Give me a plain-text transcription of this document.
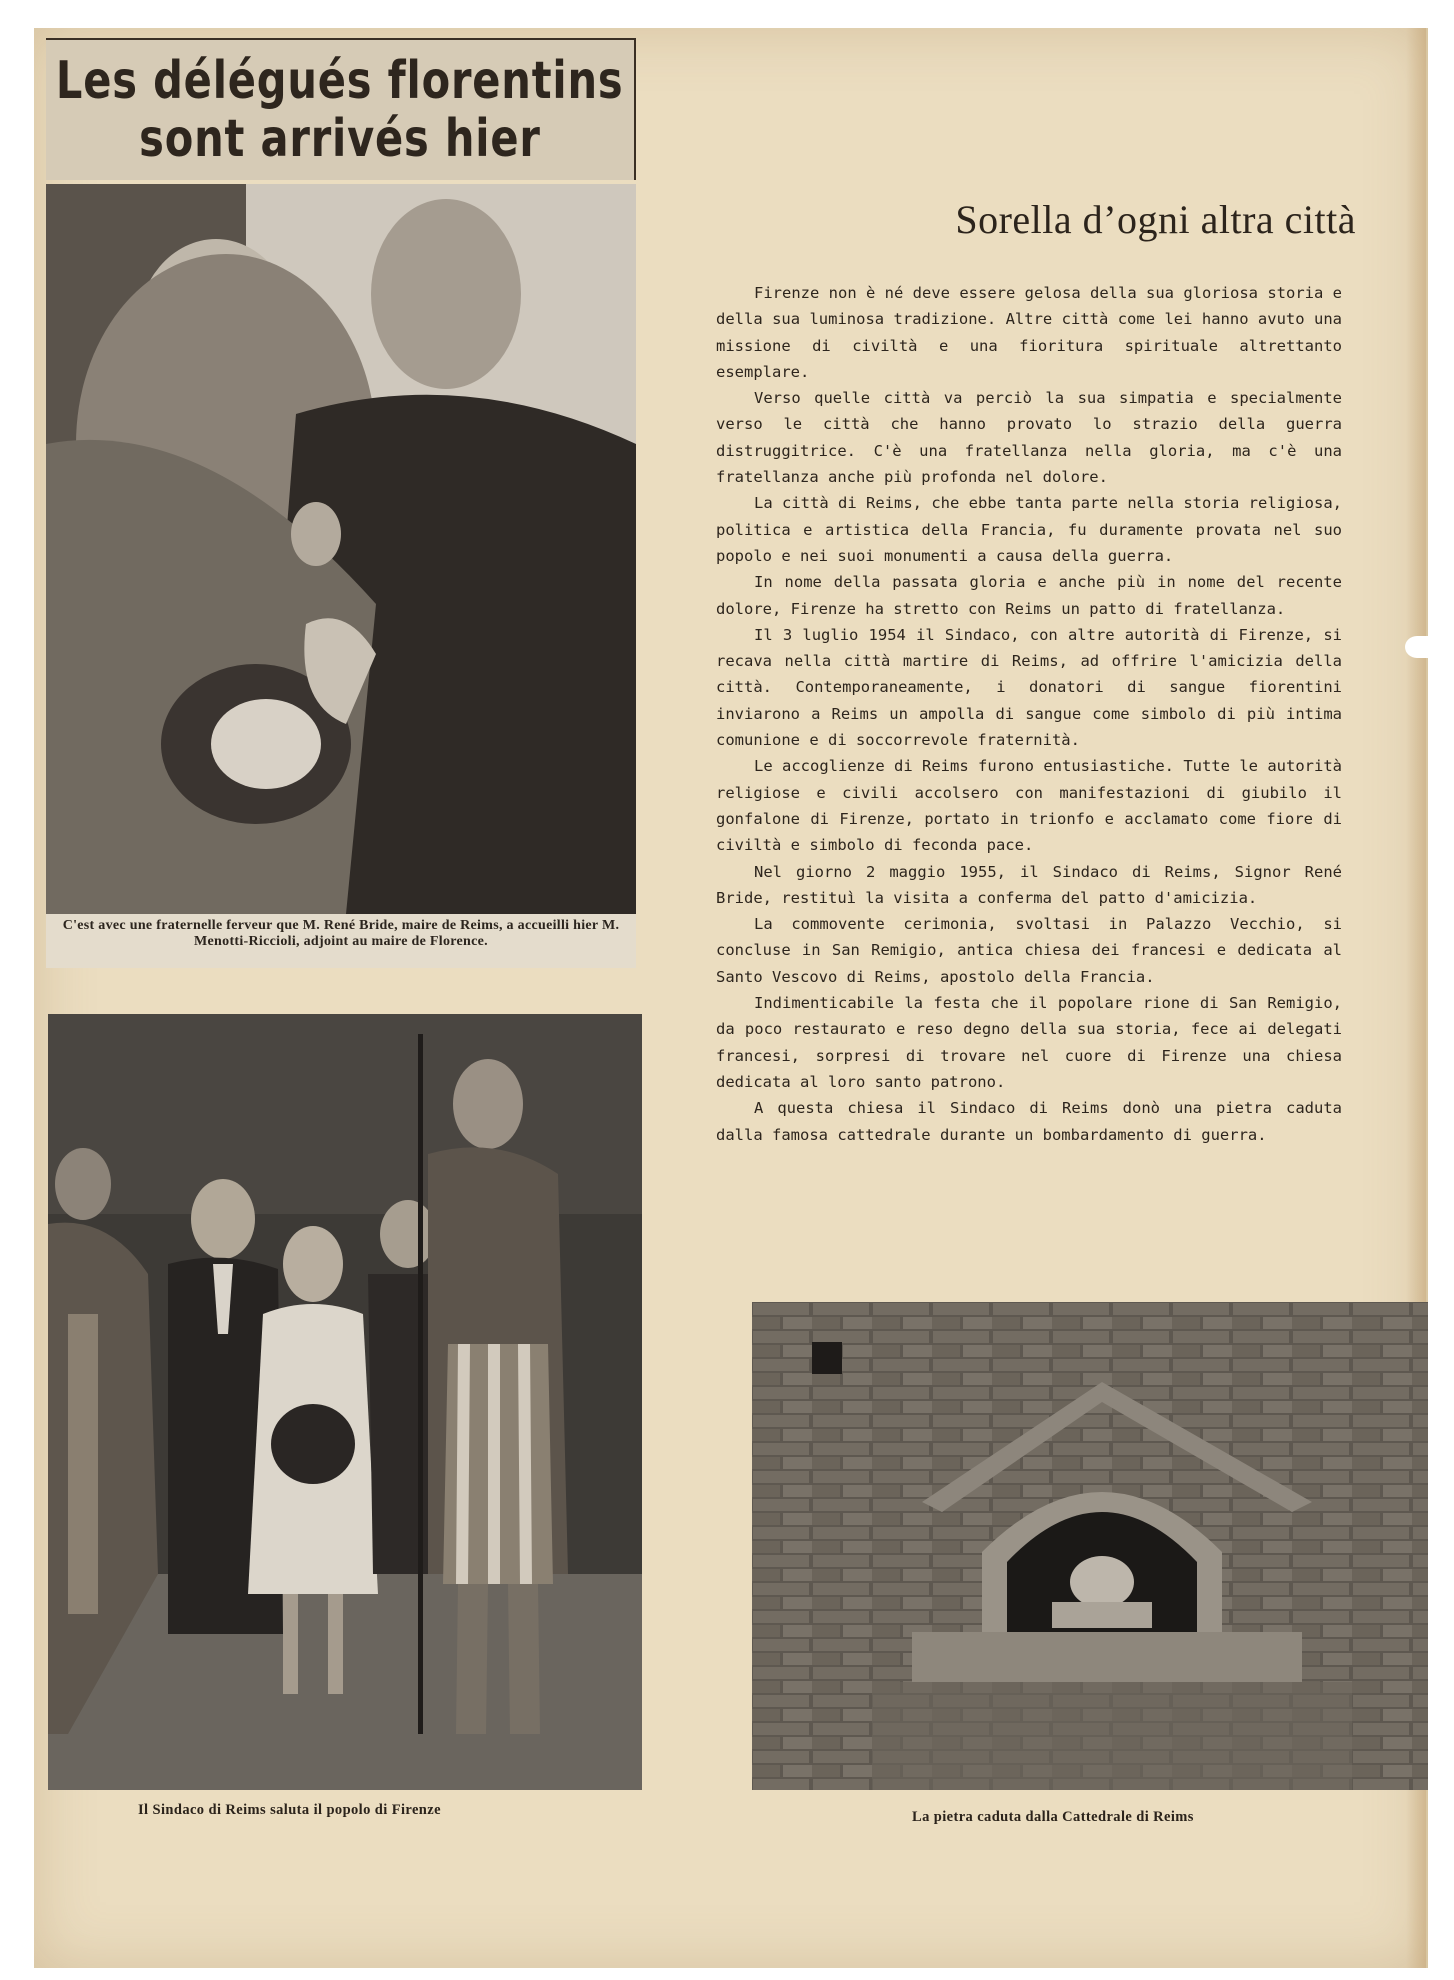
Les délégués florentins
sont arrivés hier
C'est avec une fraternelle ferveur que M. René Bride, maire de Reims, a accueilli hier M. Menotti-Riccioli, adjoint au maire de Florence.
Il Sindaco di Reims saluta il popolo di Firenze
Sorella d’ogni altra città

Firenze non è né deve essere gelosa della sua gloriosa storia e della sua luminosa tradizione. Altre città come lei hanno avuto una missione di civiltà e una fioritura spirituale altrettanto esemplare.

Verso quelle città va perciò la sua simpatia e specialmente verso le città che hanno provato lo strazio della guerra distruggitrice. C'è una fratellanza nella gloria, ma c'è una fratellanza anche più profonda nel dolore.

La città di Reims, che ebbe tanta parte nella storia religiosa, politica e artistica della Francia, fu duramente provata nel suo popolo e nei suoi monumenti a causa della guerra.

In nome della passata gloria e anche più in nome del recente dolore, Firenze ha stretto con Reims un patto di fratellanza.

Il 3 luglio 1954 il Sindaco, con altre autorità di Firenze, si recava nella città martire di Reims, ad offrire l'amicizia della città. Contemporaneamente, i donatori di sangue fiorentini inviarono a Reims un ampolla di sangue come simbolo di più intima comunione e di soccorrevole fraternità.

Le accoglienze di Reims furono entusiastiche. Tutte le autorità religiose e civili accolsero con manifestazioni di giubilo il gonfalone di Firenze, portato in trionfo e acclamato come fiore di civiltà e simbolo di feconda pace.

Nel giorno 2 maggio 1955, il Sindaco di Reims, Signor René Bride, restituì la visita a conferma del patto d'amicizia.

La commovente cerimonia, svoltasi in Palazzo Vecchio, si concluse in San Remigio, antica chiesa dei francesi e dedicata al Santo Vescovo di Reims, apostolo della Francia.

Indimenticabile la festa che il popolare rione di San Remigio, da poco restaurato e reso degno della sua storia, fece ai delegati francesi, sorpresi di trovare nel cuore di Firenze una chiesa dedicata al loro santo patrono.

A questa chiesa il Sindaco di Reims donò una pietra caduta dalla famosa cattedrale durante un bombardamento di guerra.

La pietra caduta dalla Cattedrale di Reims
